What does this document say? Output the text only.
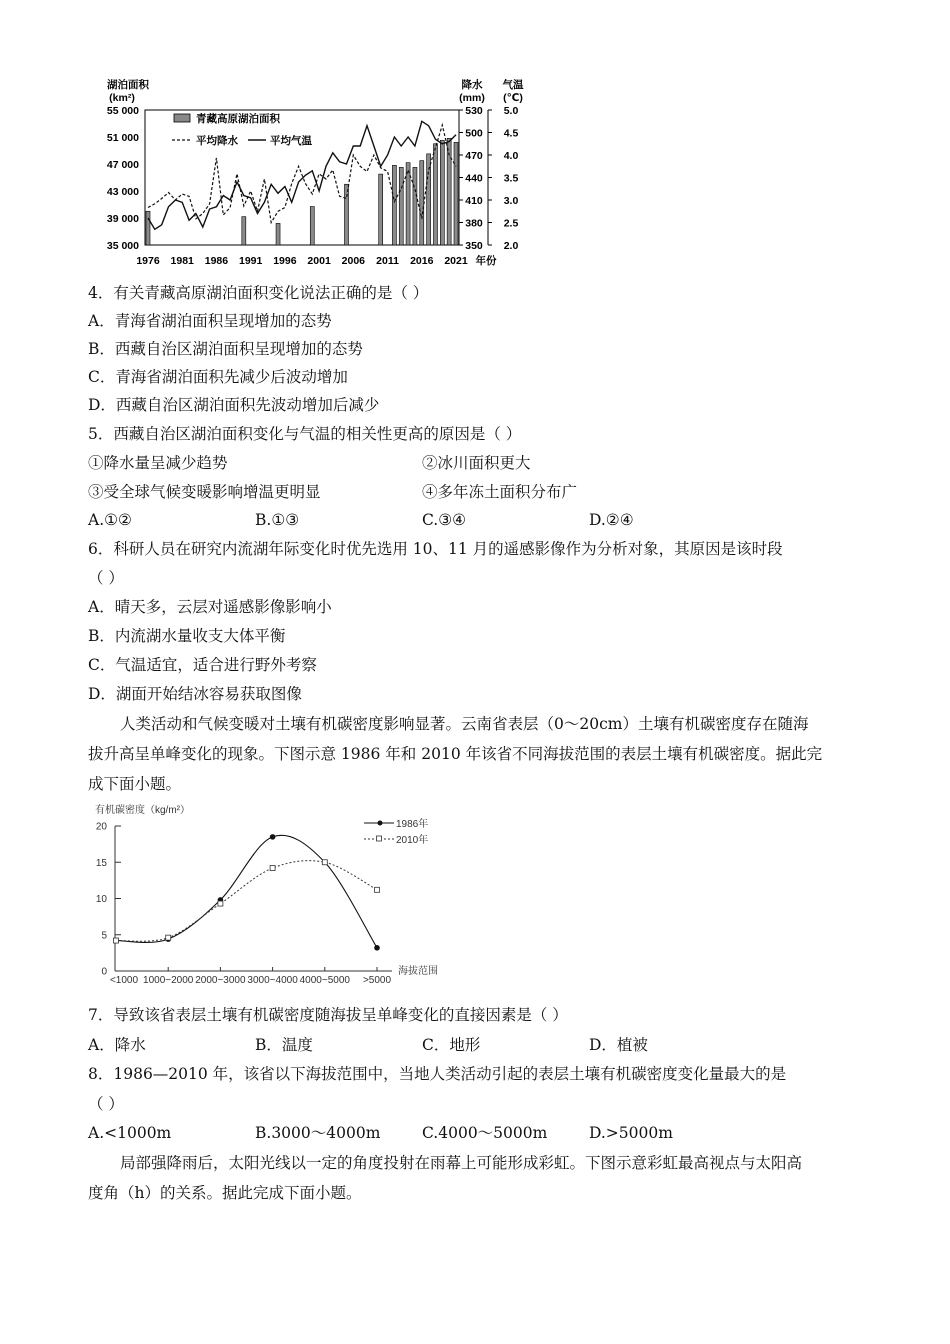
湖泊面积
(km²)
降水
(mm)
气温
(℃)
55 000
51 000
47 000
43 000
39 000
35 000
530
500
470
440
410
380
350
5.0
4.5
4.0
3.5
3.0
2.5
2.0
1976 1981 1986 1991 1996 2001 2006 2011 2016 2021
青藏高原湖泊面积
平均降水	平均气温
年份
4．有关青藏高原湖泊面积变化说法正确的是（ ）
A．青海省湖泊面积呈现增加的态势
B．西藏自治区湖泊面积呈现增加的态势
C．青海省湖泊面积先减少后波动增加
D．西藏自治区湖泊面积先波动增加后减少
5．西藏自治区湖泊面积变化与气温的相关性更高的原因是（ ）
①降水量呈减少趋势	②冰川面积更大
③受全球气候变暖影响增温更明显	④多年冻土面积分布广
A.①②	B.①③	C.③④	D.②④
6．科研人员在研究内流湖年际变化时优先选用 10、11 月的遥感影像作为分析对象，其原因是该时段
（ ）
A．晴天多，云层对遥感影像影响小
B．内流湖水量收支大体平衡
C．气温适宜，适合进行野外考察
D．湖面开始结冰容易获取图像
人类活动和气候变暖对土壤有机碳密度影响显著。云南省表层（0～20cm）土壤有机碳密度存在随海
拔升高呈单峰变化的现象。下图示意 1986 年和 2010 年该省不同海拔范围的表层土壤有机碳密度。据此完
成下面小题。
有机碳密度（kg/m²）
20
15
10
5
0
<1000 1000~2000 2000~3000 3000~4000 4000~5000 >5000
海拔范围
1986年
2010年
7．导致该省表层土壤有机碳密度随海拔呈单峰变化的直接因素是（ ）
A．降水	B．温度	C．地形	D．植被
8．1986—2010 年，该省以下海拔范围中，当地人类活动引起的表层土壤有机碳密度变化量最大的是
（ ）
A.<1000m	B.3000～4000m	C.4000～5000m	D.>5000m
局部强降雨后，太阳光线以一定的角度投射在雨幕上可能形成彩虹。下图示意彩虹最高视点与太阳高
度角（h）的关系。据此完成下面小题。
